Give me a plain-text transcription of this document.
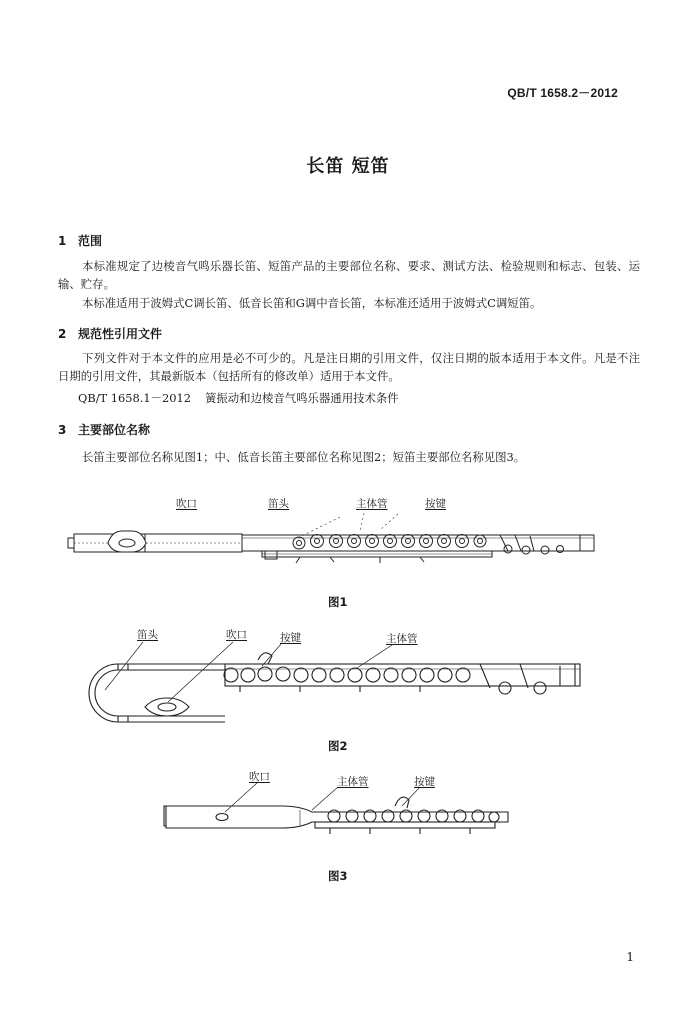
QB/T 1658.2－2012
长笛 短笛
1 范围
本标准规定了边棱音气鸣乐器长笛、短笛产品的主要部位名称、要求、测试方法、检验规则和标志、包装、运输、贮存。
本标准适用于波姆式C调长笛、低音长笛和G调中音长笛，本标准还适用于波姆式C调短笛。
2 规范性引用文件
下列文件对于本文件的应用是必不可少的。凡是注日期的引用文件，仅注日期的版本适用于本文件。凡是不注日期的引用文件，其最新版本（包括所有的修改单）适用于本文件。
QB/T 1658.1－2012 簧振动和边棱音气鸣乐器通用技术条件
3 主要部位名称
长笛主要部位名称见图1；中、低音长笛主要部位名称见图2；短笛主要部位名称见图3。
吹口	笛头	主体管	按键
图1
笛头	吹口	按键	主体管
图2
吹口	主体管	按键
图3
1
